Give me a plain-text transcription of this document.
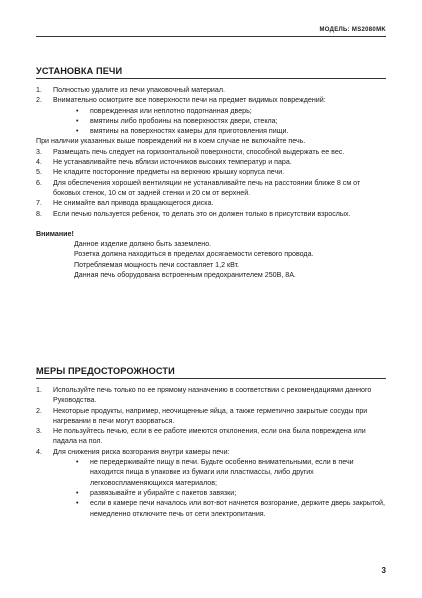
МОДЕЛЬ: MS2080MK
УСТАНОВКА ПЕЧИ
1.	Полностью удалите из печи упаковочный материал.
2.	Внимательно осмотрите все поверхности печи на предмет видимых повреждений:
•	поврежденная или неплотно подогнанная дверь;
•	вмятины либо пробоины на поверхностях двери, стекла;
•	вмятины на поверхностях камеры для приготовления пищи.
При наличии указанных выше повреждений ни в коем случае не включайте печь.
3.	Размещать печь следует на горизонтальной поверхности, способной выдержать ее вес.
4.	Не устанавливайте печь вблизи источников высоких температур и пара.
5.	Не кладите посторонние предметы на верхнюю крышку корпуса печи.
6.	Для обеспечения хорошей вентиляции не устанавливайте печь на расстоянии ближе 8 см от боковых стенок, 10 см от задней стенки и 20 см от верхней.
7.	Не снимайте вал привода вращающегося диска.
8.	Если печью пользуется ребенок, то делать это он должен только в присутствии взрослых.
Внимание!
Данное изделие должно быть заземлено.
Розетка должна находиться в пределах досягаемости сетевого провода.
Потребляемая мощность печи составляет 1,2 кВт.
Данная печь оборудована встроенным предохранителем 250В, 8А.
МЕРЫ ПРЕДОСТОРОЖНОСТИ
1.	Используйте печь только по ее прямому назначению в соответствии с рекомендациями данного Руководства.
2.	Некоторые продукты, например, неочищенные яйца, а также герметично закрытые сосуды при нагревании в печи могут взорваться.
3.	Не пользуйтесь печью, если в ее работе имеются отклонения, если она была повреждена или падала на пол.
4.	Для снижения риска возгорания внутри камеры печи:
•	не передерживайте пищу в печи. Будьте особенно внимательными, если в печи находится пища в упаковке из бумаги или пластмассы, либо других легковоспламеняющихся материалов;
•	развязывайте и убирайте с пакетов завязки;
•	если в камере печи началось или вот-вот начнется возгорание, держите дверь закрытой, немедленно отключите печь от сети электропитания.
3
